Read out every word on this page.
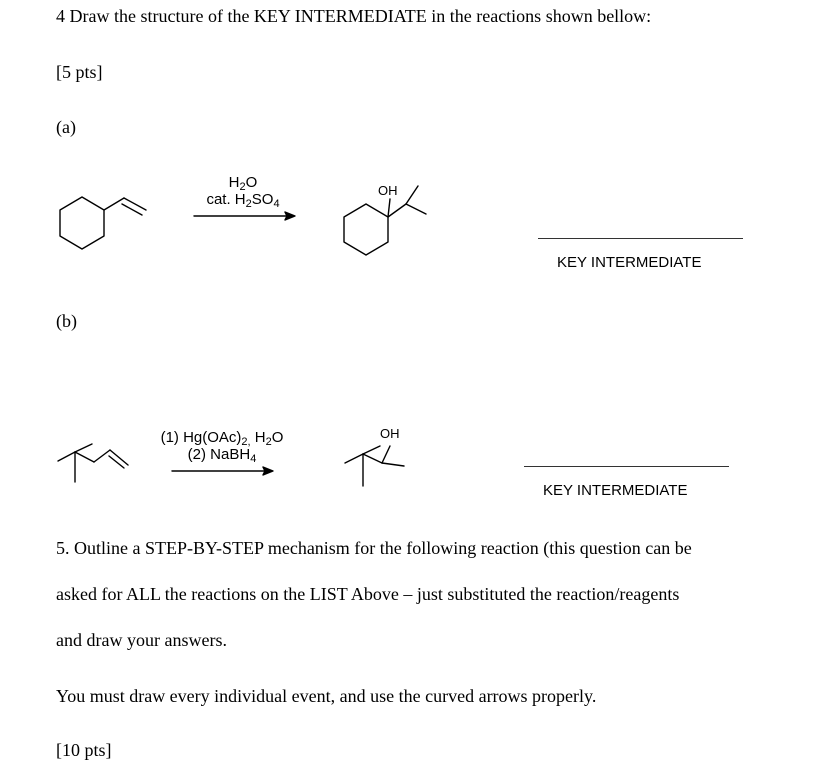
4 Draw the structure of the KEY INTERMEDIATE in the reactions shown bellow:
[5 pts]
(a)
$H_2O$
cat. $H_2SO_4$
OH
KEY INTERMEDIATE
(b)
(1) $Hg(OAc)_{2,}$ $H_2O$
(2) NaBH$_4$
OH
KEY INTERMEDIATE
5. Outline a STEP-BY-STEP mechanism for the following reaction (this question can be
asked for ALL the reactions on the LIST Above – just substituted the reaction/reagents
and draw your answers.
You must draw every individual event, and use the curved arrows properly.
[10 pts]
